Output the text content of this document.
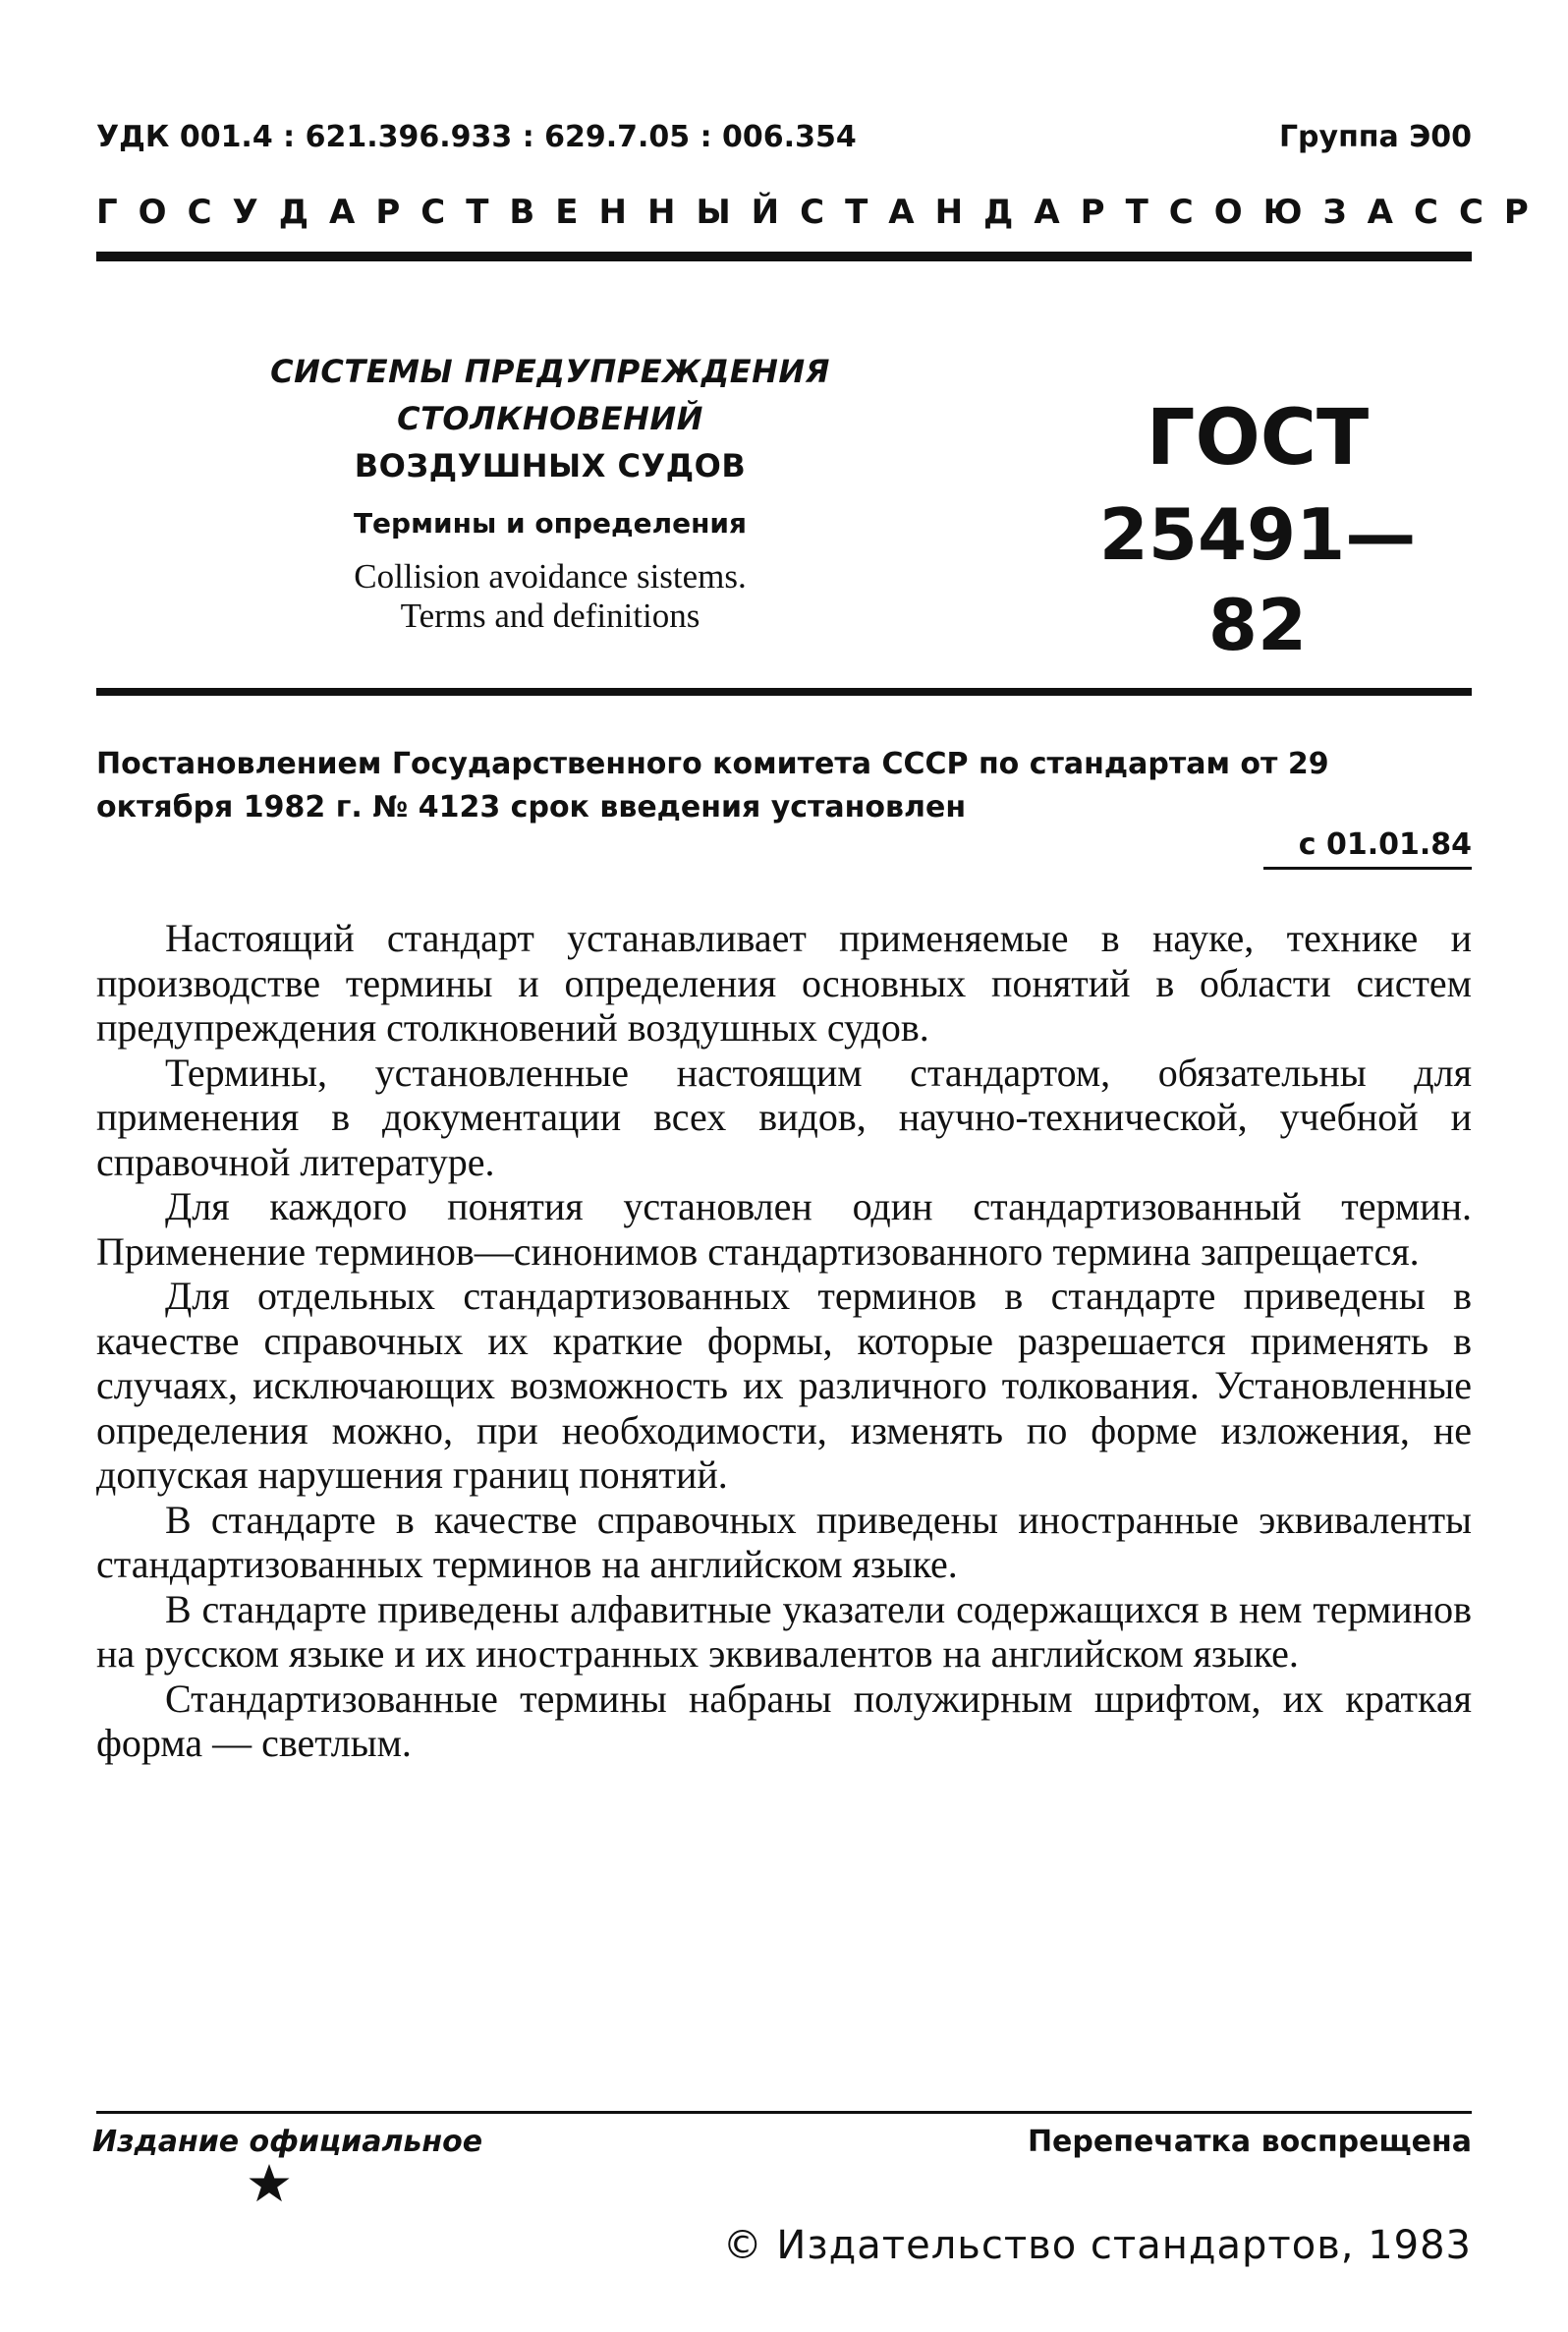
УДК 001.4 : 621.396.933 : 629.7.05 : 006.354	Группа Э00
ГОСУДАРСТВЕННЫЙ СТАНДАРТ СОЮЗА ССР
СИСТЕМЫ ПРЕДУПРЕЖДЕНИЯ СТОЛКНОВЕНИЙ
ВОЗДУШНЫХ СУДОВ
Термины и определения
Collision avoidance sistems.
Terms and definitions
ГОСТ
25491—82
Постановлением Государственного комитета СССР по стандартам от 29 октября 1982 г. № 4123 срок введения установлен
с 01.01.84

Настоящий стандарт устанавливает применяемые в науке, технике и производстве термины и определения основных понятий в области систем предупреждения столкновений воздушных судов.

Термины, установленные настоящим стандартом, обязательны для применения в документации всех видов, научно-технической, учебной и справочной литературе.

Для каждого понятия установлен один стандартизованный термин. Применение терминов—синонимов стандартизованного термина запрещается.

Для отдельных стандартизованных терминов в стандарте приведены в качестве справочных их краткие формы, которые разрешается применять в случаях, исключающих возможность их различного толкования. Установленные определения можно, при необходимости, изменять по форме изложения, не допуская нарушения границ понятий.

В стандарте в качестве справочных приведены иностранные эквиваленты стандартизованных терминов на английском языке.

В стандарте приведены алфавитные указатели содержащихся в нем терминов на русском языке и их иностранных эквивалентов на английском языке.

Стандартизованные термины набраны полужирным шрифтом, их краткая форма — светлым.

Издание официальное	Перепечатка воспрещена
© Издательство стандартов, 1983
